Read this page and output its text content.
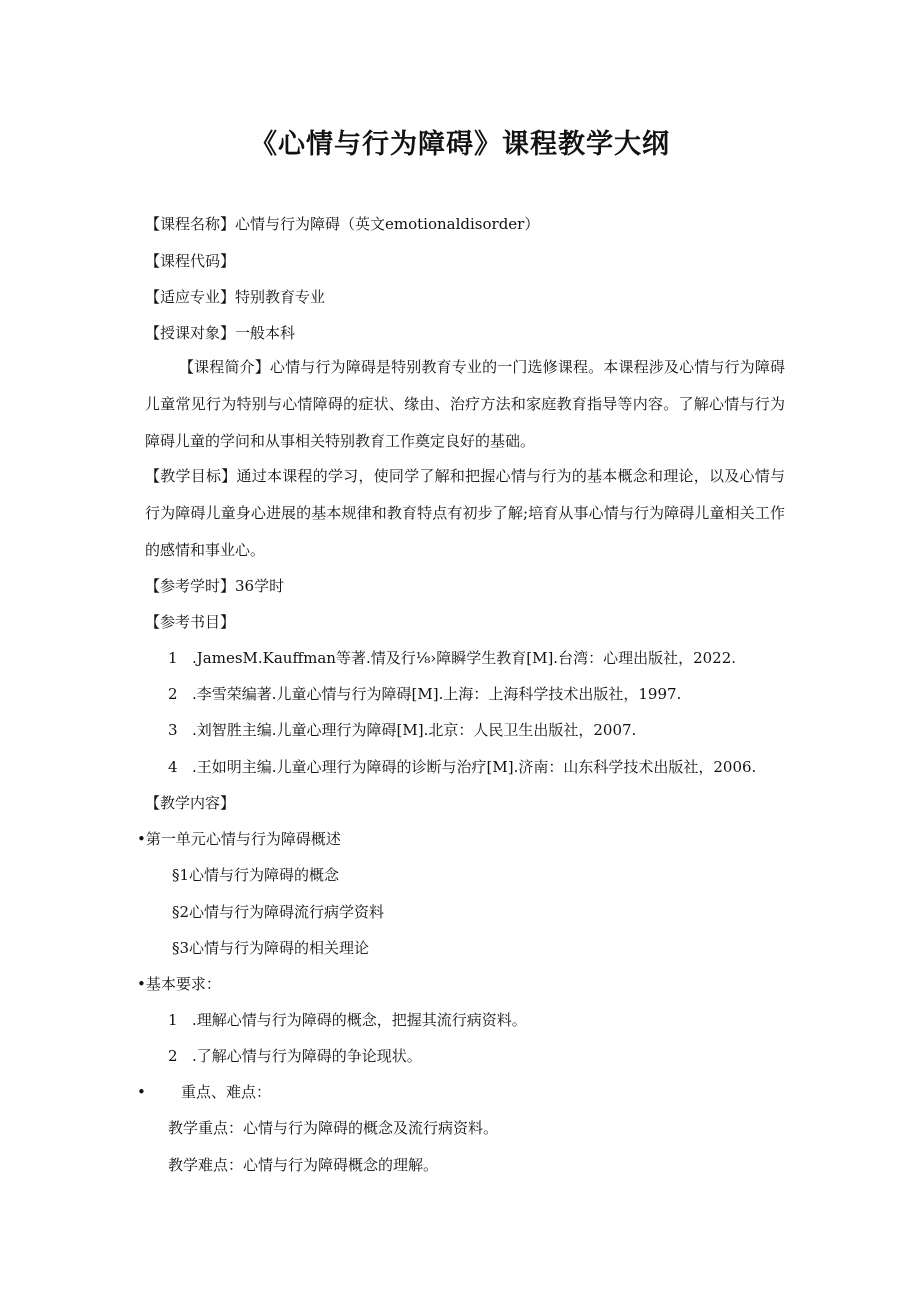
《心情与行为障碍》课程教学大纲
【课程名称】心情与行为障碍（英文emotionaldisorder）
【课程代码】
【适应专业】特别教育专业
【授课对象】一般本科
【课程简介】心情与行为障碍是特别教育专业的一门选修课程。本课程涉及心情与行为障碍儿童常见行为特别与心情障碍的症状、缘由、治疗方法和家庭教育指导等内容。了解心情与行为障碍儿童的学问和从事相关特别教育工作奠定良好的基础。
【教学目标】通过本课程的学习，使同学了解和把握心情与行为的基本概念和理论，以及心情与行为障碍儿童身心进展的基本规律和教育特点有初步了解;培育从事心情与行为障碍儿童相关工作的感情和事业心。
【参考学时】36学时
【参考书目】
1 .JamesM.Kauffman等著.情及行⅛›障瞬学生教育[M].台湾：心理出版社，2022.
2 .李雪荣编著.儿童心情与行为障碍[M].上海：上海科学技术出版社，1997.
3 .刘智胜主编.儿童心理行为障碍[M].北京：人民卫生出版社，2007.
4 .王如明主编.儿童心理行为障碍的诊断与治疗[M].济南：山东科学技术出版社，2006.
【教学内容】
•第一单元心情与行为障碍概述
§1心情与行为障碍的概念
§2心情与行为障碍流行病学资料
§3心情与行为障碍的相关理论
•基本要求：
1 .理解心情与行为障碍的概念，把握其流行病资料。
2 .了解心情与行为障碍的争论现状。
• 重点、难点：
教学重点：心情与行为障碍的概念及流行病资料。
教学难点：心情与行为障碍概念的理解。
